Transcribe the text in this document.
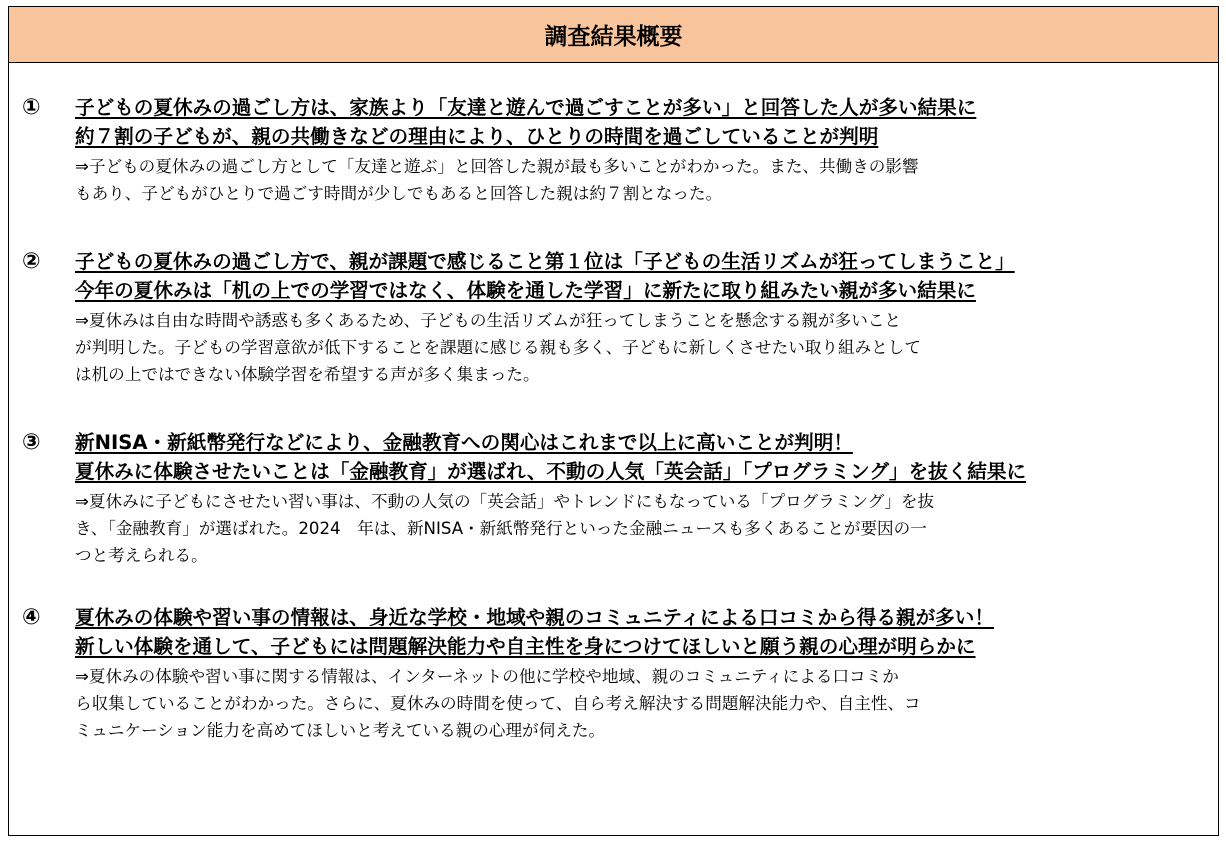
調査結果概要
① 子どもの夏休みの過ごし方は、家族より「友達と遊んで過ごすことが多い」と回答した人が多い結果に
約７割の子どもが、親の共働きなどの理由により、ひとりの時間を過ごしていることが判明
⇒子どもの夏休みの過ごし方として「友達と遊ぶ」と回答した親が最も多いことがわかった。また、共働きの影響
もあり、子どもがひとりで過ごす時間が少しでもあると回答した親は約７割となった。
② 子どもの夏休みの過ごし方で、親が課題で感じること第１位は「子どもの生活リズムが狂ってしまうこと」
今年の夏休みは「机の上での学習ではなく、体験を通した学習」に新たに取り組みたい親が多い結果に
⇒夏休みは自由な時間や誘惑も多くあるため、子どもの生活リズムが狂ってしまうことを懸念する親が多いこと
が判明した。子どもの学習意欲が低下することを課題に感じる親も多く、子どもに新しくさせたい取り組みとして
は机の上ではできない体験学習を希望する声が多く集まった。
③ 新NISA・新紙幣発行などにより、金融教育への関心はこれまで以上に高いことが判明！
夏休みに体験させたいことは「金融教育」が選ばれ、不動の人気「英会話」「プログラミング」を抜く結果に
⇒夏休みに子どもにさせたい習い事は、不動の人気の「英会話」やトレンドにもなっている「プログラミング」を抜
き、「金融教育」が選ばれた。2024　年は、新NISA・新紙幣発行といった金融ニュースも多くあることが要因の一
つと考えられる。
④ 夏休みの体験や習い事の情報は、身近な学校・地域や親のコミュニティによる口コミから得る親が多い！
新しい体験を通して、子どもには問題解決能力や自主性を身につけてほしいと願う親の心理が明らかに
⇒夏休みの体験や習い事に関する情報は、インターネットの他に学校や地域、親のコミュニティによる口コミか
ら収集していることがわかった。さらに、夏休みの時間を使って、自ら考え解決する問題解決能力や、自主性、コ
ミュニケーション能力を高めてほしいと考えている親の心理が伺えた。
